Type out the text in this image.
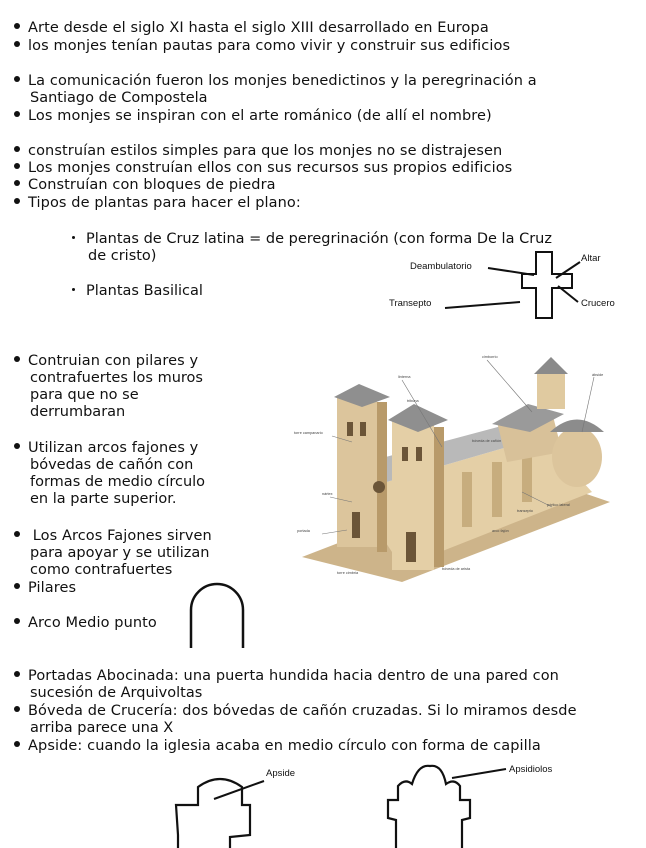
Arte desde el siglo XI hasta el siglo XIII desarrollado en Europa
los monjes tenían pautas para como vivir y construir sus edificios
La comunicación fueron los monjes benedictinos y la peregrinación a
Santiago de Compostela
Los monjes se inspiran con el arte románico (de allí el nombre)
construían estilos simples para que los monjes no se distrajesen
Los monjes construían ellos con sus recursos sus propios edificios
Construían con bloques de piedra
Tipos de plantas para hacer el plano:
Plantas de Cruz latina = de peregrinación (con forma De la Cruz
de cristo)
Plantas Basilical
Deambulatorio
Altar
Transepto	Crucero
Contruian con pilares y
contrafuertes los muros
para que no se
derrumbaran
Utilizan arcos fajones y
bóvedas de cañón con
formas de medio círculo
en la parte superior.
Los Arcos Fajones sirven
para apoyar y se utilizan
como contrafuertes
Pilares
Arco Medio punto
cimborrio
linterna	ábside
tribuna
bóveda de cañón
torre campanario
nártex
transepto
portada
pórtico lateral
arco fajón
torre cimbria
bóveda de arista
Portadas Abocinada: una puerta hundida hacia dentro de una pared con
sucesión de Arquivoltas
Bóveda de Crucería: dos bóvedas de cañón cruzadas. Si lo miramos desde
arriba parece una X
Apside: cuando la iglesia acaba en medio círculo con forma de capilla
Apside	Apsidiolos
